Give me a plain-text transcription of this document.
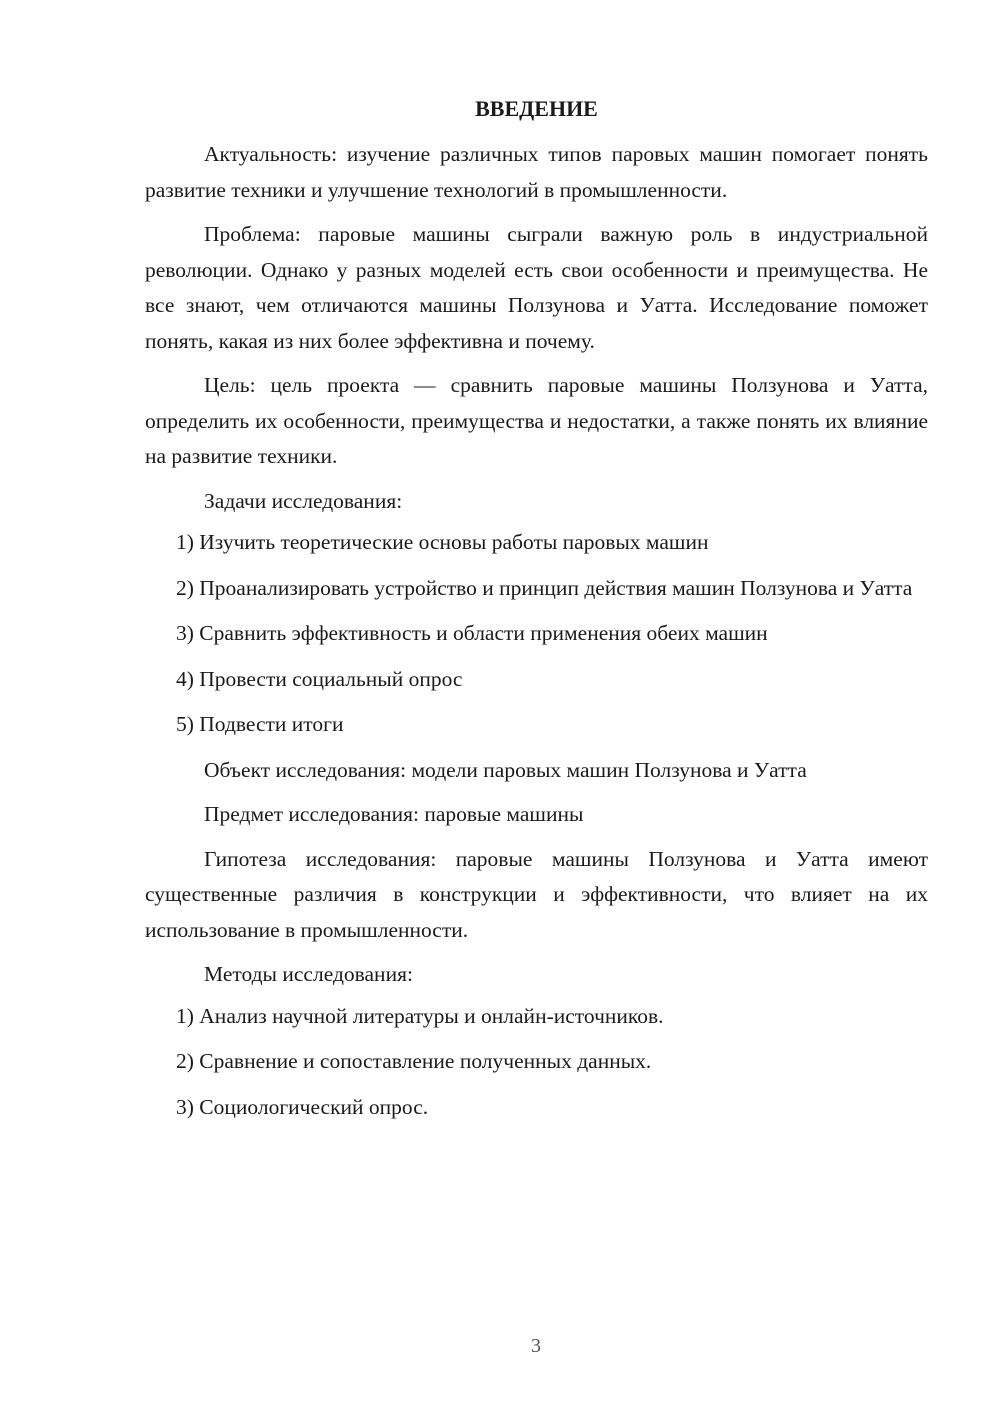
ВВЕДЕНИЕ

Актуальность: изучение различных типов паровых машин помогает понять развитие техники и улучшение технологий в промышленности.

Проблема: паровые машины сыграли важную роль в индустриальной революции. Однако у разных моделей есть свои особенности и преимущества. Не все знают, чем отличаются машины Ползунова и Уатта. Исследование поможет понять, какая из них более эффективна и почему.

Цель: цель проекта — сравнить паровые машины Ползунова и Уатта, определить их особенности, преимущества и недостатки, а также понять их влияние на развитие техники.

Задачи исследования:

1) Изучить теоретические основы работы паровых машин

2) Проанализировать устройство и принцип действия машин Ползунова и Уатта

3) Сравнить эффективность и области применения обеих машин

4) Провести социальный опрос

5) Подвести итоги

Объект исследования: модели паровых машин Ползунова и Уатта

Предмет исследования: паровые машины

Гипотеза исследования: паровые машины Ползунова и Уатта имеют существенные различия в конструкции и эффективности, что влияет на их использование в промышленности.

Методы исследования:

1) Анализ научной литературы и онлайн-источников.

2) Сравнение и сопоставление полученных данных.

3) Социологический опрос.

3
